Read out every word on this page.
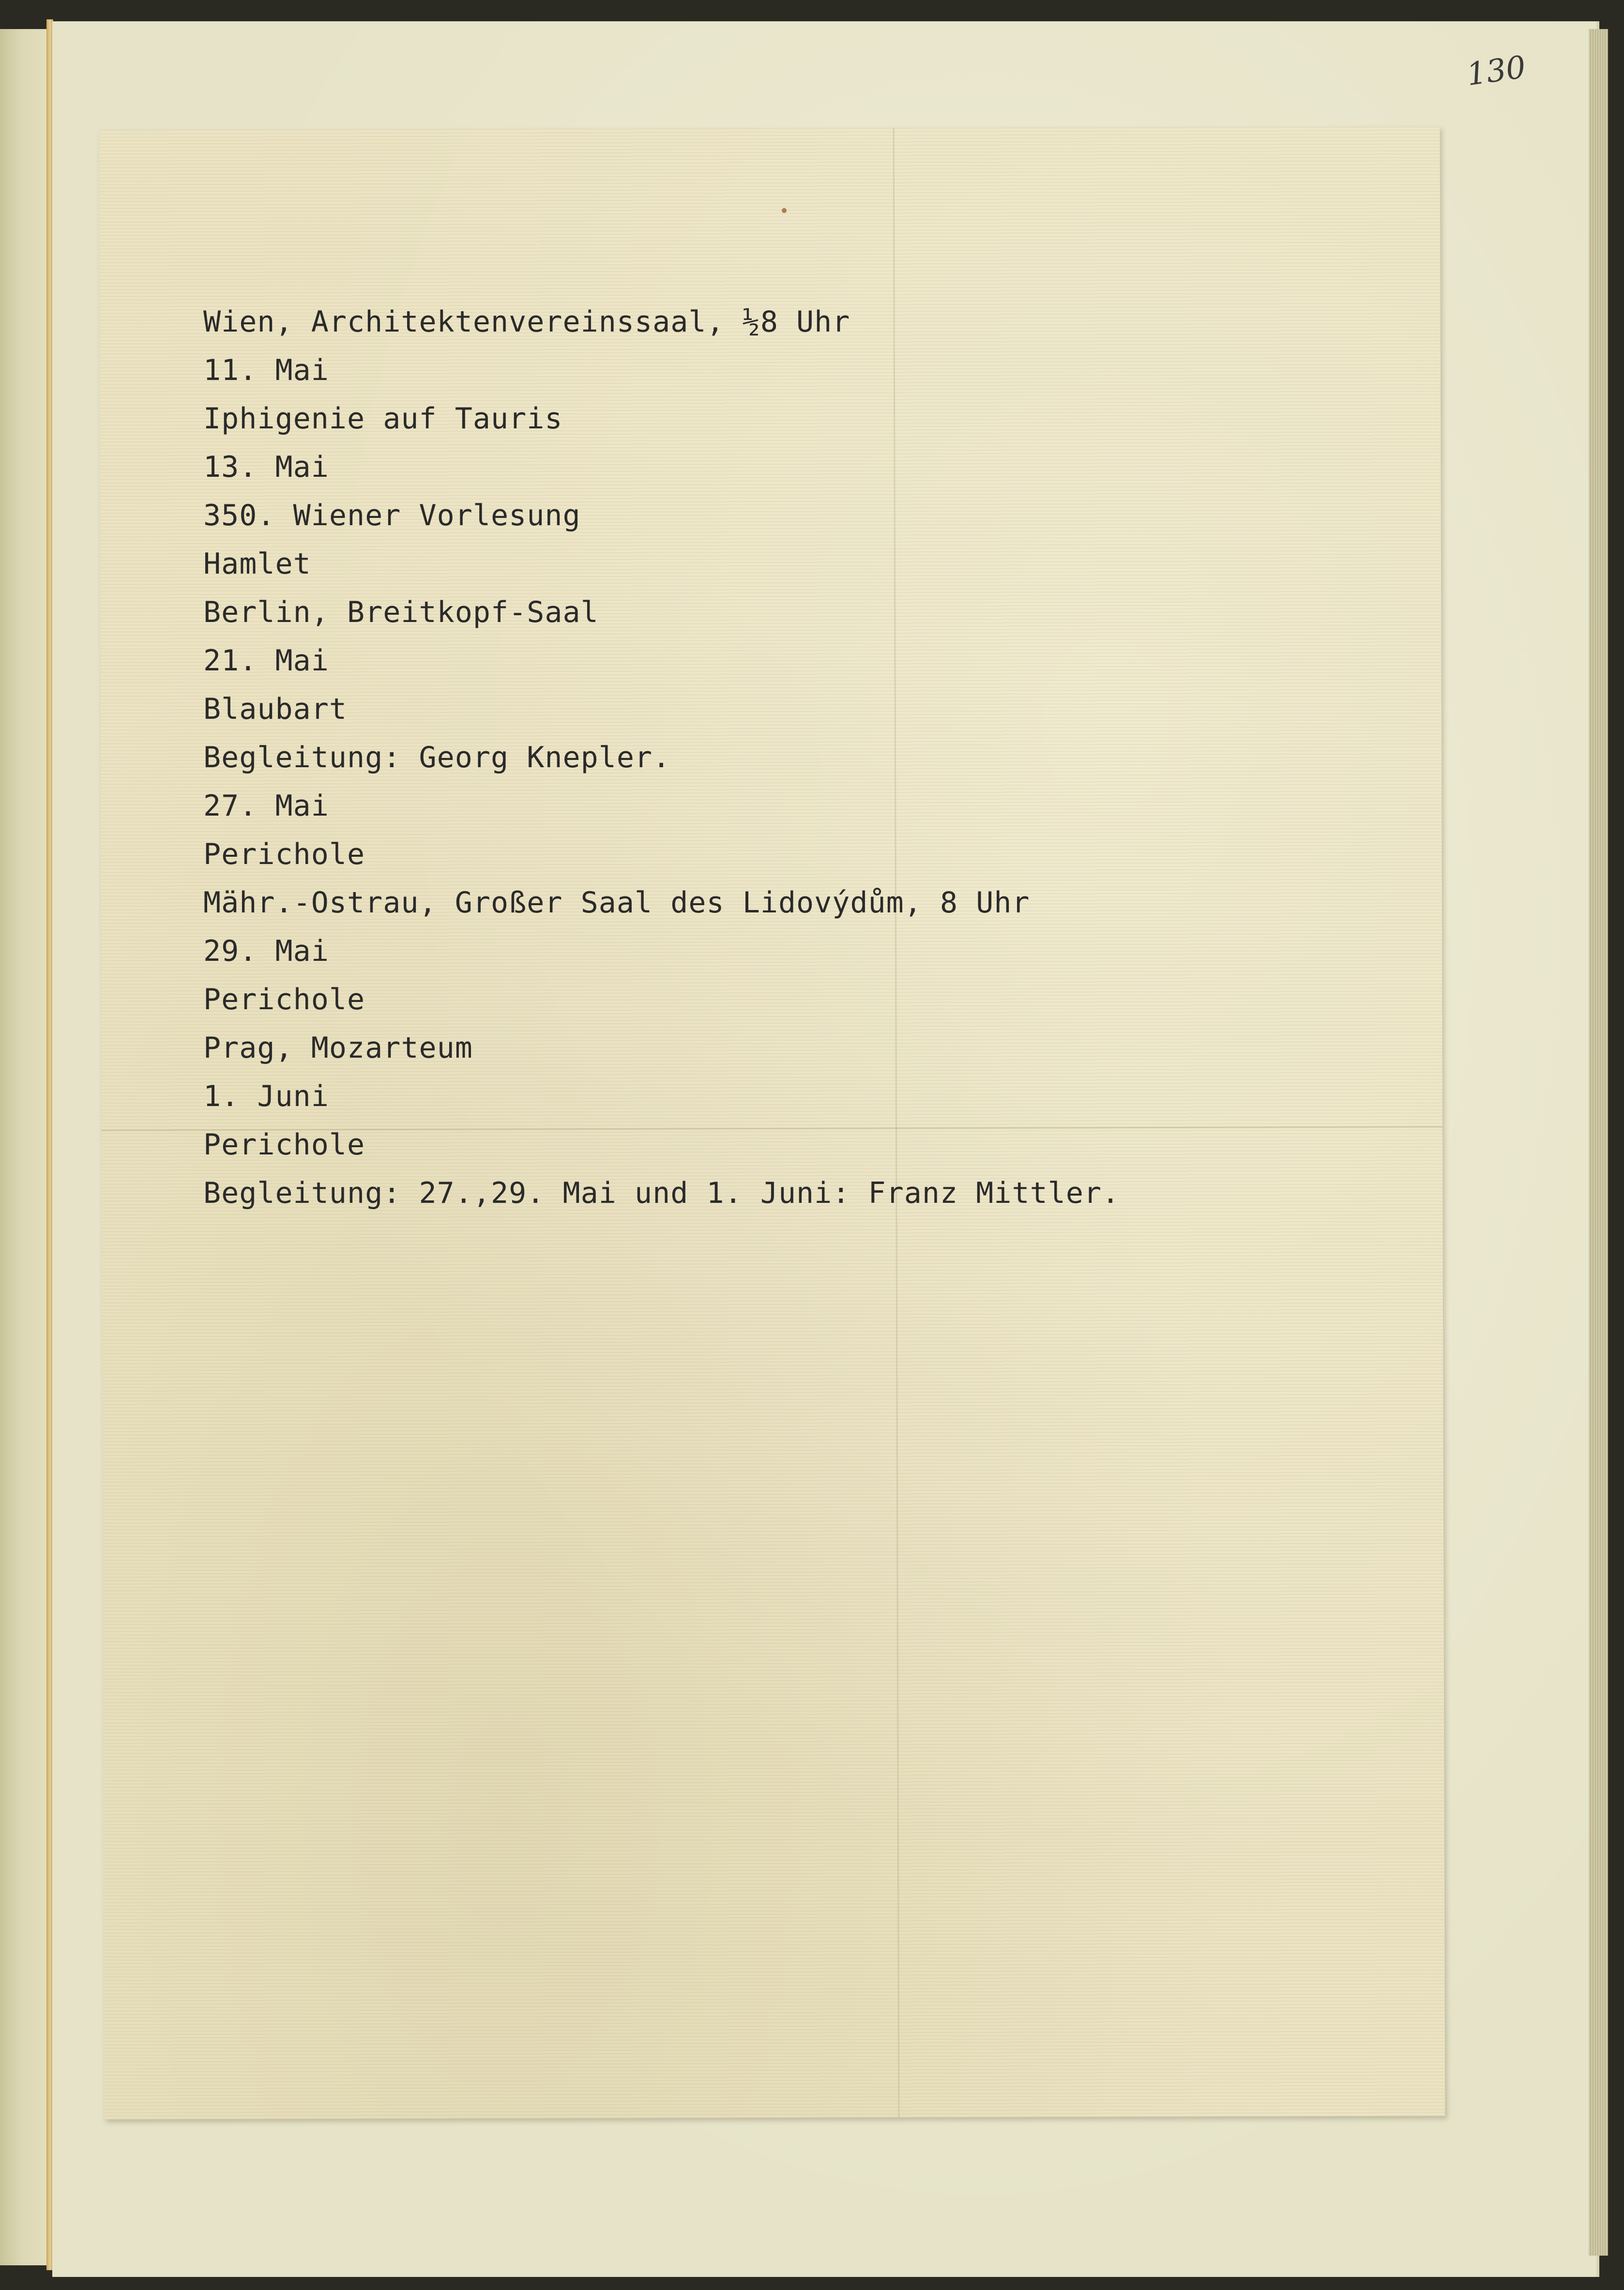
130
Wien, Architektenvereinssaal, ½8 Uhr
11. Mai
Iphigenie auf Tauris
13. Mai
350. Wiener Vorlesung
Hamlet
Berlin, Breitkopf-Saal
21. Mai
Blaubart
Begleitung: Georg Knepler.
27. Mai
Perichole
Mähr.-Ostrau, Großer Saal des Lidovýdům, 8 Uhr
29. Mai
Perichole
Prag, Mozarteum
1. Juni
Perichole
Begleitung: 27.,29. Mai und 1. Juni: Franz Mittler.
